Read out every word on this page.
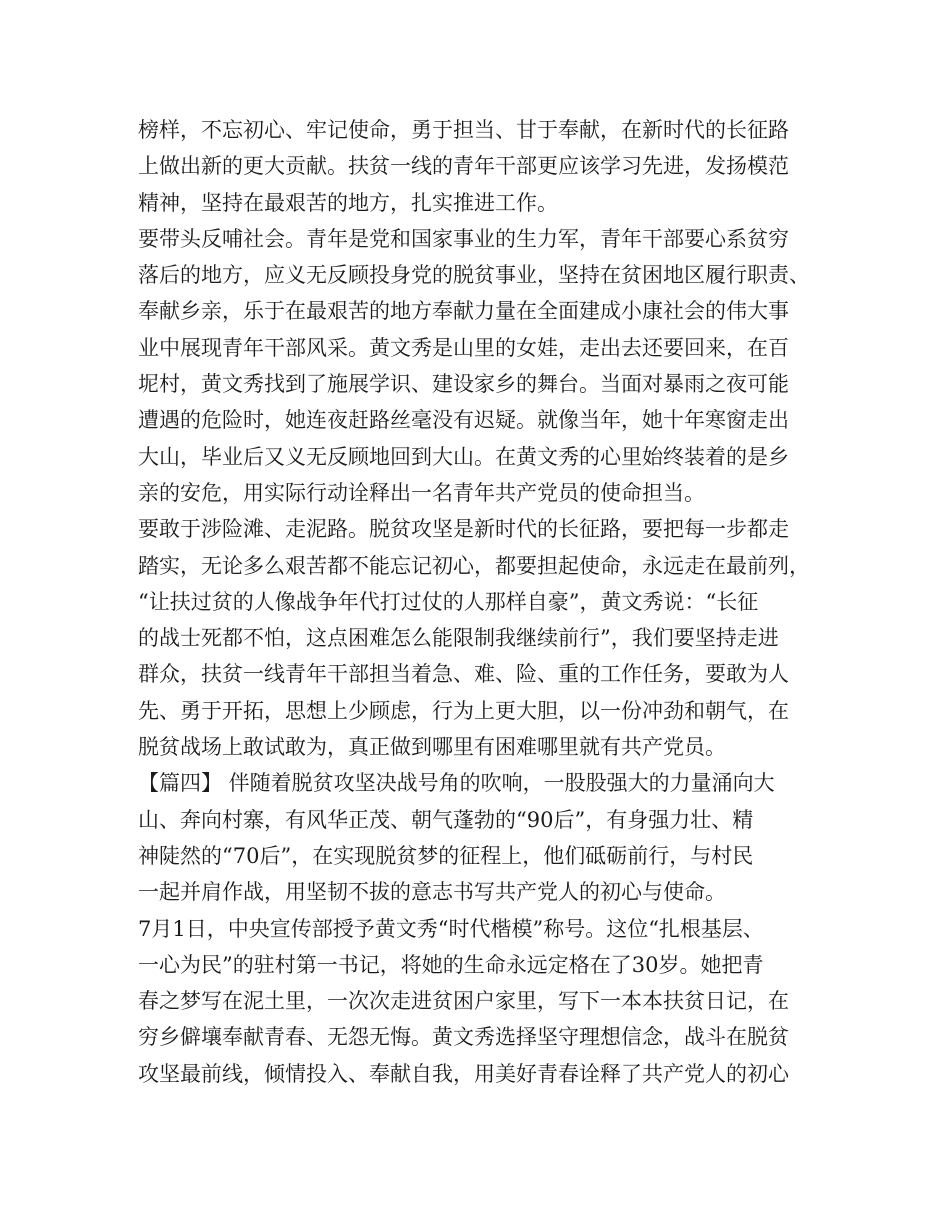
榜样，不忘初心、牢记使命，勇于担当、甘于奉献，在新时代的长征路
上做出新的更大贡献。扶贫一线的青年干部更应该学习先进，发扬模范
精神，坚持在最艰苦的地方，扎实推进工作。
要带头反哺社会。青年是党和国家事业的生力军，青年干部要心系贫穷
落后的地方，应义无反顾投身党的脱贫事业，坚持在贫困地区履行职责、
奉献乡亲，乐于在最艰苦的地方奉献力量在全面建成小康社会的伟大事
业中展现青年干部风采。黄文秀是山里的女娃，走出去还要回来，在百
坭村，黄文秀找到了施展学识、建设家乡的舞台。当面对暴雨之夜可能
遭遇的危险时，她连夜赶路丝毫没有迟疑。就像当年，她十年寒窗走出
大山，毕业后又义无反顾地回到大山。在黄文秀的心里始终装着的是乡
亲的安危，用实际行动诠释出一名青年共产党员的使命担当。
要敢于涉险滩、走泥路。脱贫攻坚是新时代的长征路，要把每一步都走
踏实，无论多么艰苦都不能忘记初心，都要担起使命，永远走在最前列，
“让扶过贫的人像战争年代打过仗的人那样自豪”，黄文秀说：“长征
的战士死都不怕，这点困难怎么能限制我继续前行”，我们要坚持走进
群众，扶贫一线青年干部担当着急、难、险、重的工作任务，要敢为人
先、勇于开拓，思想上少顾虑，行为上更大胆，以一份冲劲和朝气，在
脱贫战场上敢试敢为，真正做到哪里有困难哪里就有共产党员。
【篇四】 伴随着脱贫攻坚决战号角的吹响，一股股强大的力量涌向大
山、奔向村寨，有风华正茂、朝气蓬勃的“90后”，有身强力壮、精
神陡然的“70后”，在实现脱贫梦的征程上，他们砥砺前行，与村民
一起并肩作战，用坚韧不拔的意志书写共产党人的初心与使命。
7月1日，中央宣传部授予黄文秀“时代楷模”称号。这位“扎根基层、
一心为民”的驻村第一书记，将她的生命永远定格在了30岁。她把青
春之梦写在泥土里，一次次走进贫困户家里，写下一本本扶贫日记，在
穷乡僻壤奉献青春、无怨无悔。黄文秀选择坚守理想信念，战斗在脱贫
攻坚最前线，倾情投入、奉献自我，用美好青春诠释了共产党人的初心
